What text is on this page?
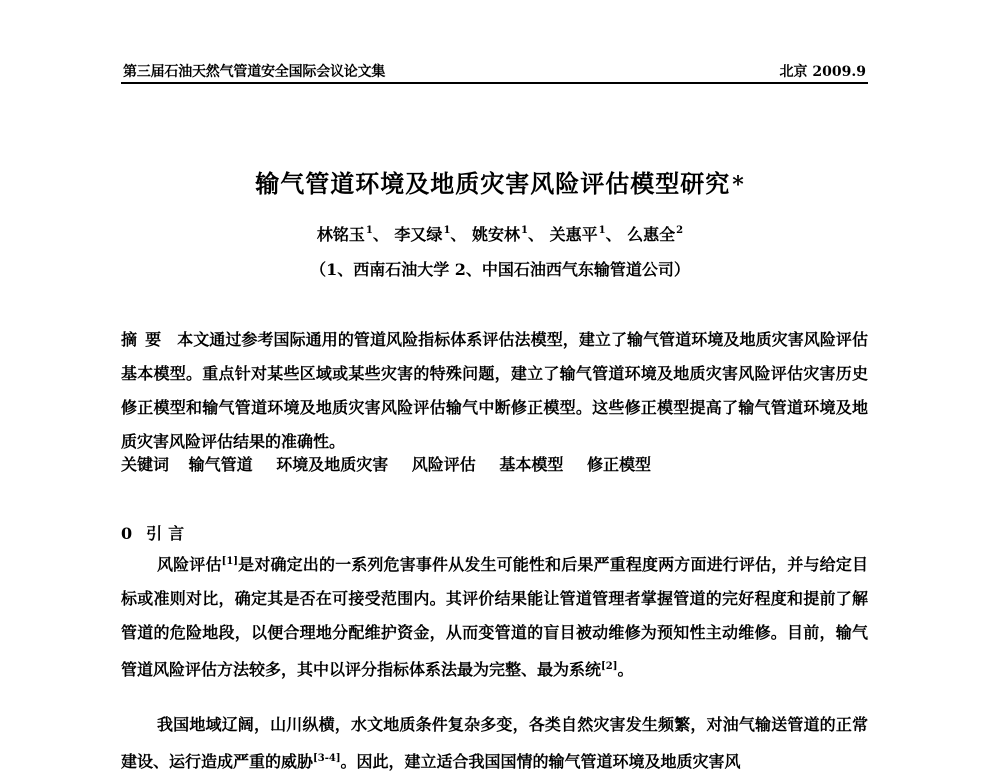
第三届石油天然气管道安全国际会议论文集	北京 2009.9
输气管道环境及地质灾害风险评估模型研究*
林铭玉$^1$、 李又绿$^1$、 姚安林$^1$、 关惠平$^1$、 么惠全$^2$
（1、西南石油大学 2、中国石油西气东输管道公司）
摘要 本文通过参考国际通用的管道风险指标体系评估法模型，建立了输气管道环境及地质灾害风险评估基本模型。重点针对某些区域或某些灾害的特殊问题，建立了输气管道环境及地质灾害风险评估灾害历史修正模型和输气管道环境及地质灾害风险评估输气中断修正模型。这些修正模型提高了输气管道环境及地质灾害风险评估结果的准确性。
关键词 输气管道 环境及地质灾害 风险评估 基本模型 修正模型
0 引言
风险评估[1]是对确定出的一系列危害事件从发生可能性和后果严重程度两方面进行评估，并与给定目标或准则对比，确定其是否在可接受范围内。其评价结果能让管道管理者掌握管道的完好程度和提前了解管道的危险地段，以便合理地分配维护资金，从而变管道的盲目被动维修为预知性主动维修。目前，输气管道风险评估方法较多，其中以评分指标体系法最为完整、最为系统[2]。
我国地域辽阔，山川纵横，水文地质条件复杂多变，各类自然灾害发生频繁，对油气输送管道的正常建设、运行造成严重的威胁[3-4]。因此，建立适合我国国情的输气管道环境及地质灾害风
